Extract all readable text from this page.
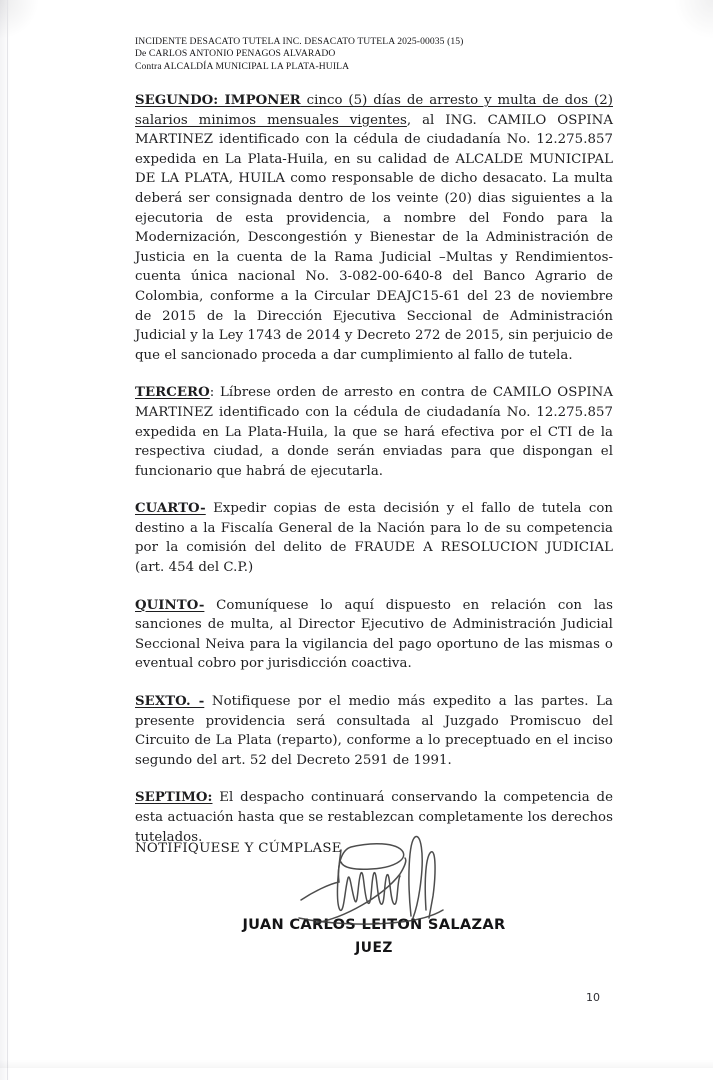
INCIDENTE DESACATO TUTELA INC. DESACATO TUTELA 2025-00035 (15)
De CARLOS ANTONIO PENAGOS ALVARADO
Contra ALCALDÍA MUNICIPAL LA PLATA-HUILA

SEGUNDO: IMPONER cinco (5) días de arresto y multa de dos (2) salarios minimos mensuales vigentes, al ING. CAMILO OSPINA MARTINEZ identificado con la cédula de ciudadanía No. 12.275.857 expedida en La Plata-Huila, en su calidad de ALCALDE MUNICIPAL DE LA PLATA, HUILA como responsable de dicho desacato. La multa deberá ser consignada dentro de los veinte (20) dias siguientes a la ejecutoria de esta providencia, a nombre del Fondo para la Modernización, Descongestión y Bienestar de la Administración de Justicia en la cuenta de la Rama Judicial –Multas y Rendimientos- cuenta única nacional No. 3-082-00-640-8 del Banco Agrario de Colombia, conforme a la Circular DEAJC15-61 del 23 de noviembre de 2015 de la Dirección Ejecutiva Seccional de Administración Judicial y la Ley 1743 de 2014 y Decreto 272 de 2015, sin perjuicio de que el sancionado proceda a dar cumplimiento al fallo de tutela.

TERCERO: Líbrese orden de arresto en contra de CAMILO OSPINA MARTINEZ identificado con la cédula de ciudadanía No. 12.275.857 expedida en La Plata-Huila, la que se hará efectiva por el CTI de la respectiva ciudad, a donde serán enviadas para que dispongan el funcionario que habrá de ejecutarla.

CUARTO- Expedir copias de esta decisión y el fallo de tutela con destino a la Fiscalía General de la Nación para lo de su competencia por la comisión del delito de FRAUDE A RESOLUCION JUDICIAL (art. 454 del C.P.)

QUINTO- Comuníquese lo aquí dispuesto en relación con las sanciones de multa, al Director Ejecutivo de Administración Judicial Seccional Neiva para la vigilancia del pago oportuno de las mismas o eventual cobro por jurisdicción coactiva.

SEXTO. - Notifiquese por el medio más expedito a las partes. La presente providencia será consultada al Juzgado Promiscuo del Circuito de La Plata (reparto), conforme a lo preceptuado en el inciso segundo del art. 52 del Decreto 2591 de 1991.

SEPTIMO: El despacho continuará conservando la competencia de esta actuación hasta que se restablezcan completamente los derechos tutelados.

NOTIFIQUESE Y CÚMPLASE
JUAN CARLOS LEITON SALAZAR
JUEZ
10
